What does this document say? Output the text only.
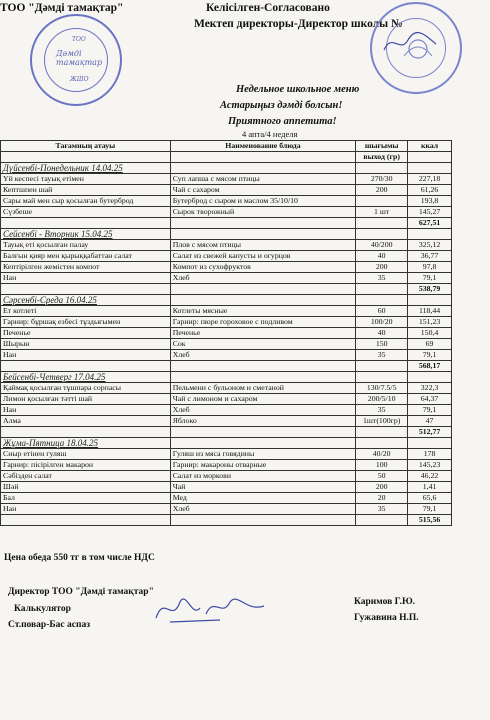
ТОО "Дәмді тамақтар"	Келісілген-Согласовано
Мектеп директоры-Директор школы №
ТОО
Дәмді тамақтар
ЖШО
Недельное школьное меню
Астарыңыз дәмді болсын!
Приятного аппетита!
4 апта/4 неделя
Тағамның атауы	Наименование блюда	шығымы	ккал
		выход (гр)	
Дүйсенбі-Понедельник 14.04.25			
Үй кеспесі тауық етімен	Суп лапша с мясом птицы	270/30	227,18
Кептшпен шай	Чай с сахаром	200	61,26
Сары май мен сыр қосылған бутерброд	Бутерброд с сыром и маслом 35/10/10		193,8
Сүзбеше	Сырок творожный	1 шт	145,27
			627,51
Сейсенбі - Вторник 15.04.25			
Тауық еті қосылған палау	Плов с мясом птицы	40/200	325,12
Балғын қияр мен қырыққабаттан салат	Салат из свежей капусты и огурцов	40	36,77
Кептірілген жемістен компот	Компот из сухофруктов	200	97,8
Нан	Хлеб	35	79,1
			538,79
Сәрсенбі-Среда 16.04.25			
Ет котлеті	Котлеты мясные	60	118,44
Гарнир: бұршақ езбесі тұздығымен	Гарнир: пюре гороховое с подливом	100/20	151,23
Печенье	Печенье	40	150,4
Шырын	Сок	150	69
Нан	Хлеб	35	79,1
			568,17
Бейсенбі-Четверг 17.04.25			
Қаймақ қосылған тұшпара сорпасы	Пельмени с бульоном и сметаной	130/7.5/5	322,3
Лимон қосылған тәтті шай	Чай с лимоном и сахаром	200/5/10	64,37
Нан	Хлеб	35	79,1
Алма	Яблоко	1шт(100гр)	47
			512,77
Жұма-Пятница 18.04.25			
Сиыр етінен гуляш	Гуляш из мяса говядины	40/20	178
Гарнир: пісірілген макарон	Гарнир: макароны отварные	100	145,23
Сәбізден салат	Салат из моркови	50	46,22
Шәй	Чай	200	1,41
Бал	Мед	20	65,6
Нан	Хлеб	35	79,1
			515,56
Цена обеда 550 тг в том числе НДС
Директор ТОО "Дәмді тамақтар"
Каримов Г.Ю.
Калькулятор
Ст.повар-Бас аспаз
Гужавина Н.П.
